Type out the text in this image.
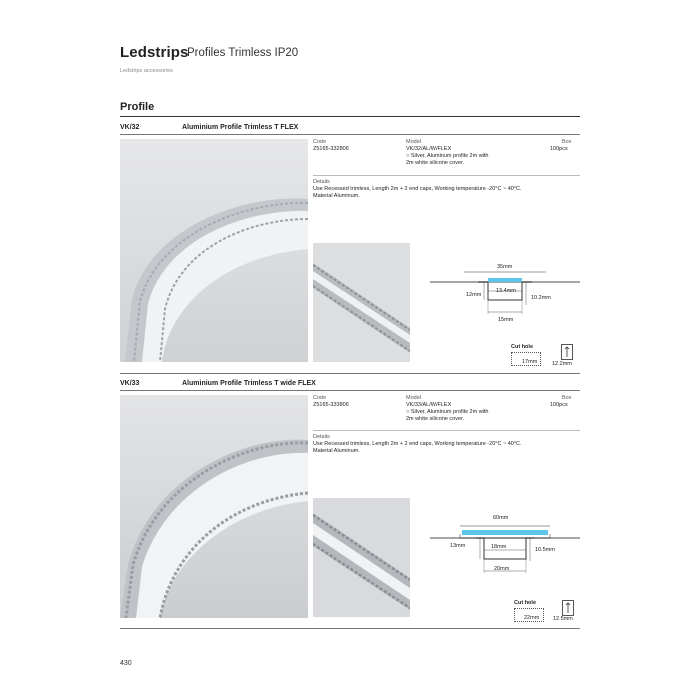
Ledstrips
Profiles Trimless IP20
Ledstrips accessories
Profile
VK/32	Aluminium Profile Trimless T FLEX
Code
Z5165-332806
Model
VK/32/AL/W/FLEX
○ Silver, Aluminum profile 2m with
2m white silicone cover.
Box
100pcs
Details
Use Recessed trimless, Length 2m + 2 end caps, Working temperature -20°C ~ 40°C.
Material Aluminum.
35mm
13.4mm
12mm	10.2mm
15mm
Cut hole
17mm	12.2mm
VK/33	Aluminium Profile Trimless T wide FLEX
Code
Z5165-333806
Model
VK/33/AL/W/FLEX
○ Silver, Aluminum profile 2m with
2m white silicone cover.
Box
100pcs
Details
Use Recessed trimless, Length 2m + 2 end caps, Working temperature -20°C ~ 40°C.
Material Aluminum.
60mm
18mm
13mm
10.5mm
20mm
Cut hole
22mm 12.5mm
430
